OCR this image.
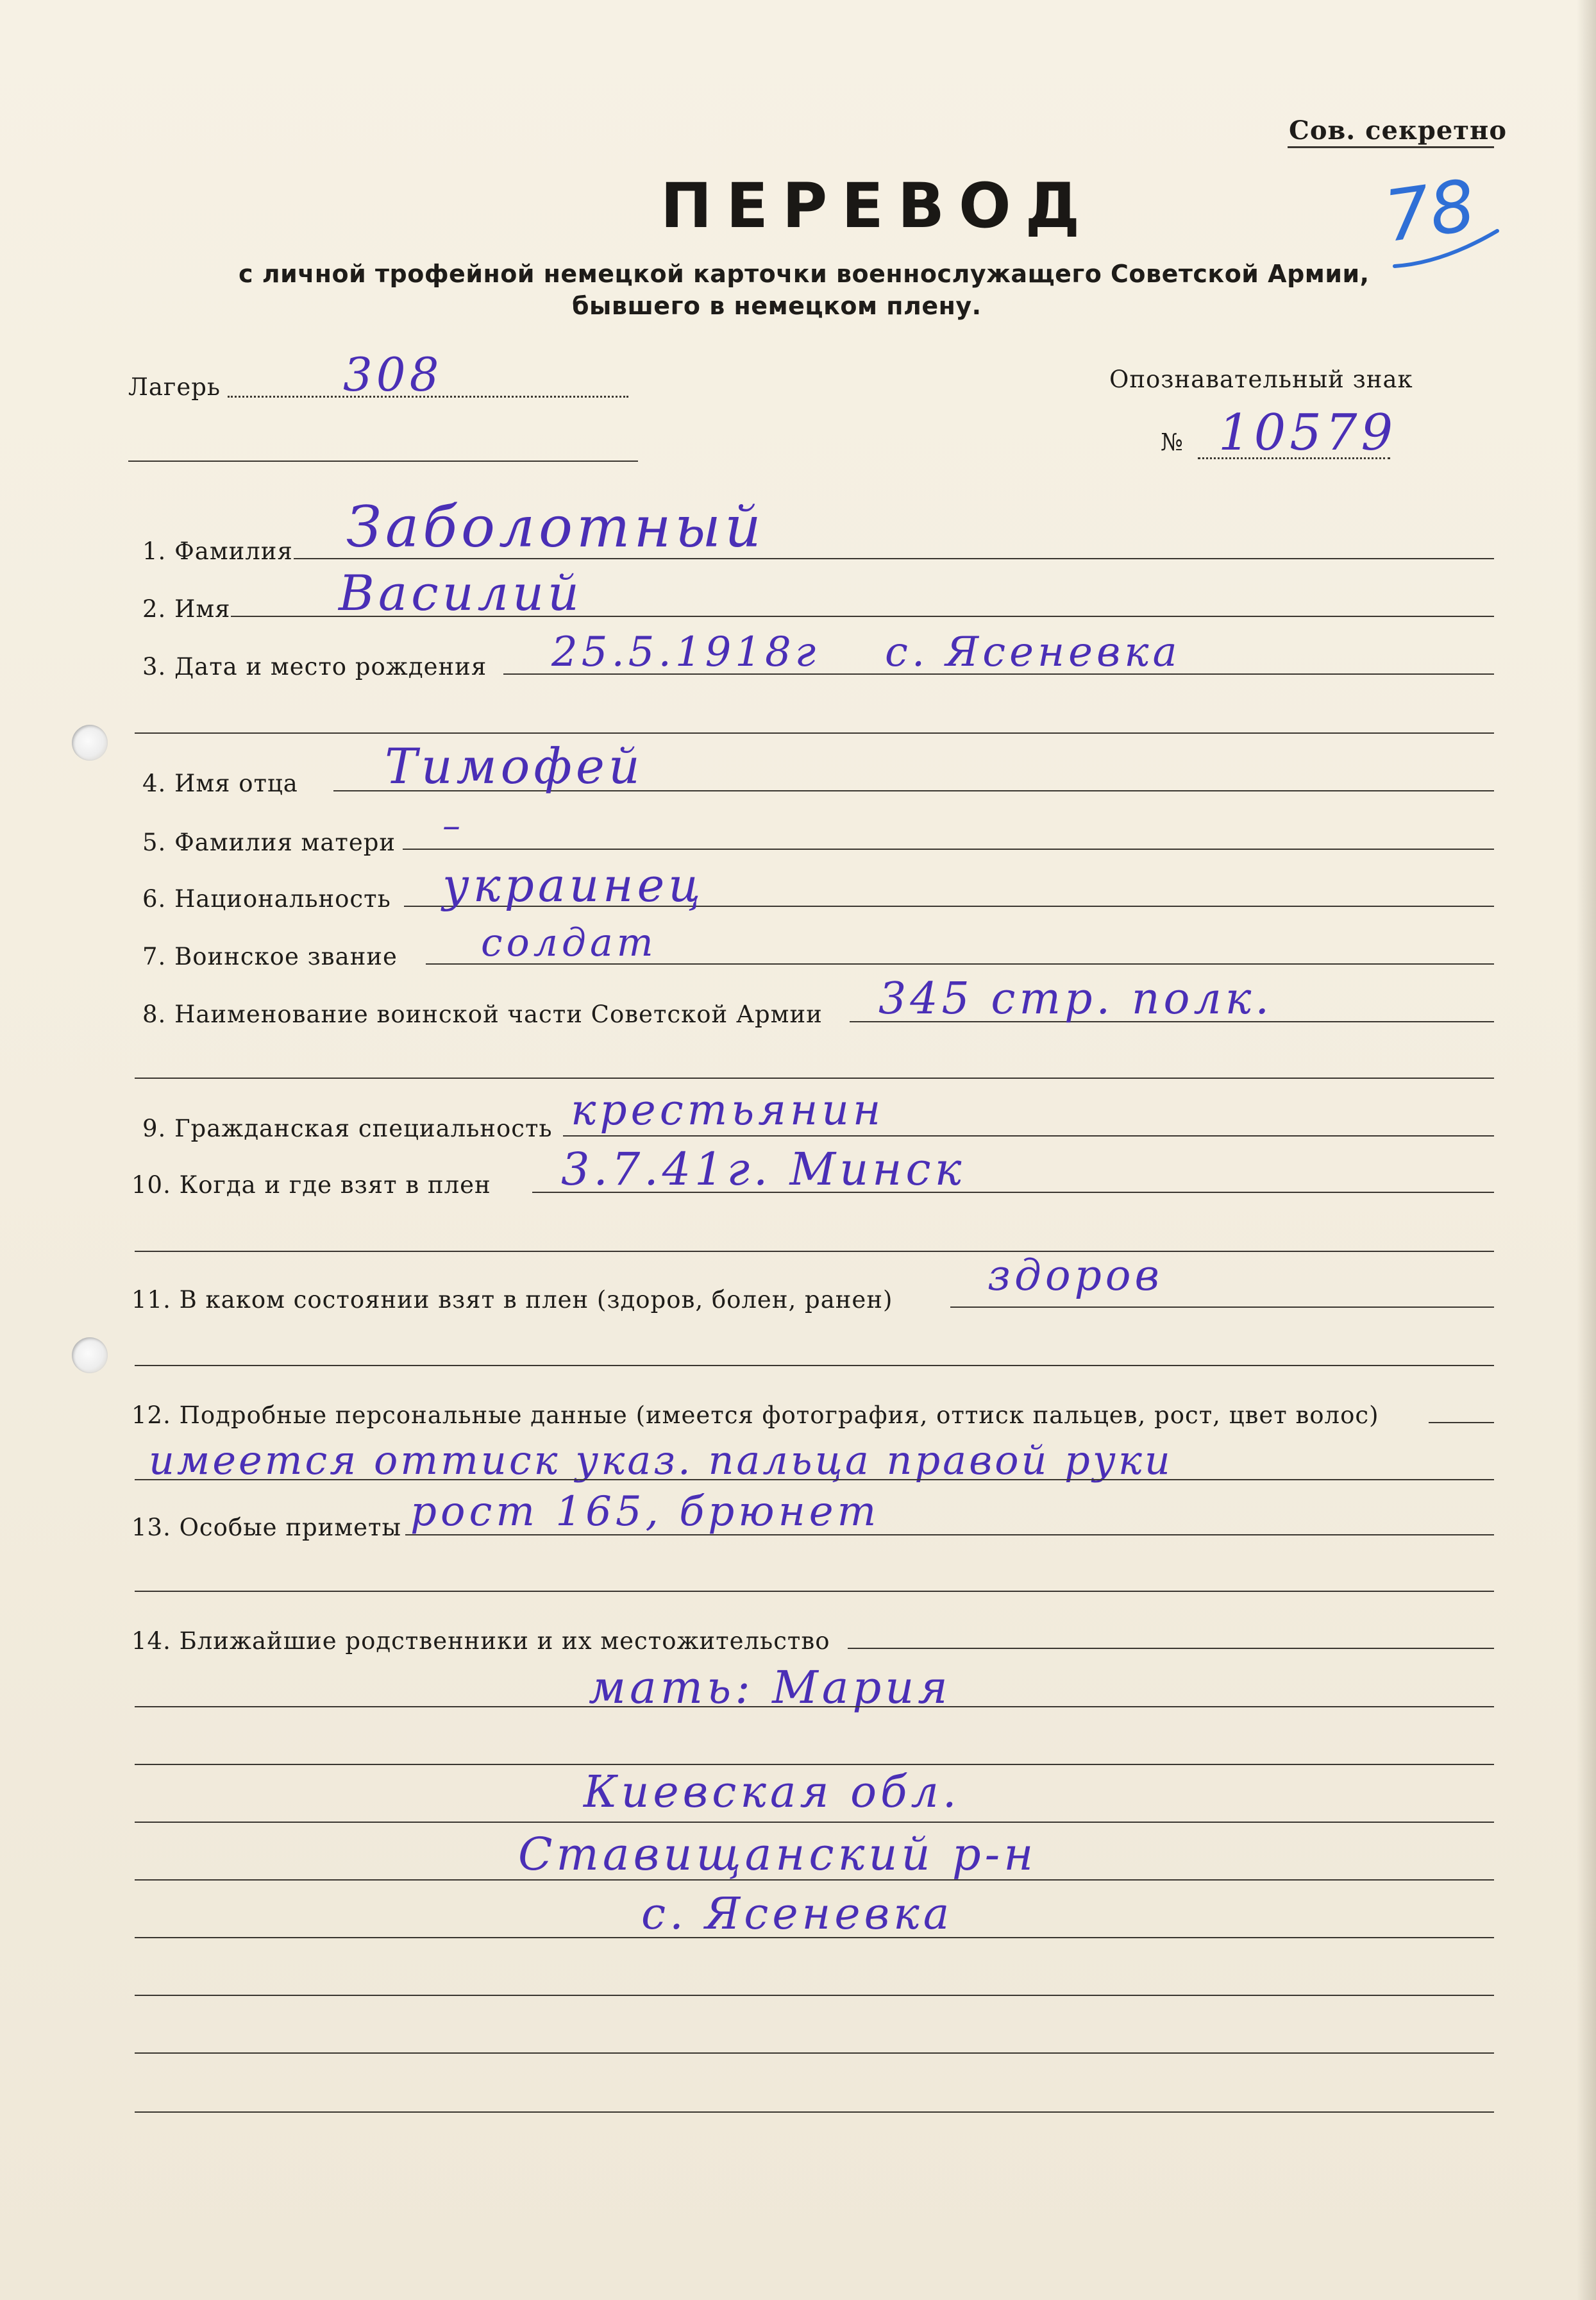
Сов. секретно
78
ПЕРЕВОД
с личной трофейной немецкой карточки военнослужащего Советской Армии,
бывшего в немецком плену.
Лагерь	308	Опознавательный знак
№ 10579
1. Фамилия Заболотный
2. Имя Василий
3. Дата и место рождения 25.5.1918г с. Ясеневка
4. Имя отца Тимофей
5. Фамилия матери –
6. Национальность украинец
7. Воинское звание солдат
8. Наименование воинской части Советской Армии 345 стр. полк.
9. Гражданская специальность крестьянин
10. Когда и где взят в плен 3.7.41г. Минск
11. В каком состоянии взят в плен (здоров, болен, ранен) здоров
12. Подробные персональные данные (имеется фотография, оттиск пальцев, рост, цвет волос)
имеется оттиск указ. пальца правой руки
13. Особые приметы рост 165, брюнет
14. Ближайшие родственники и их местожительство
мать: Мария
Киевская обл.
Ставищанский р-н
с. Ясеневка
